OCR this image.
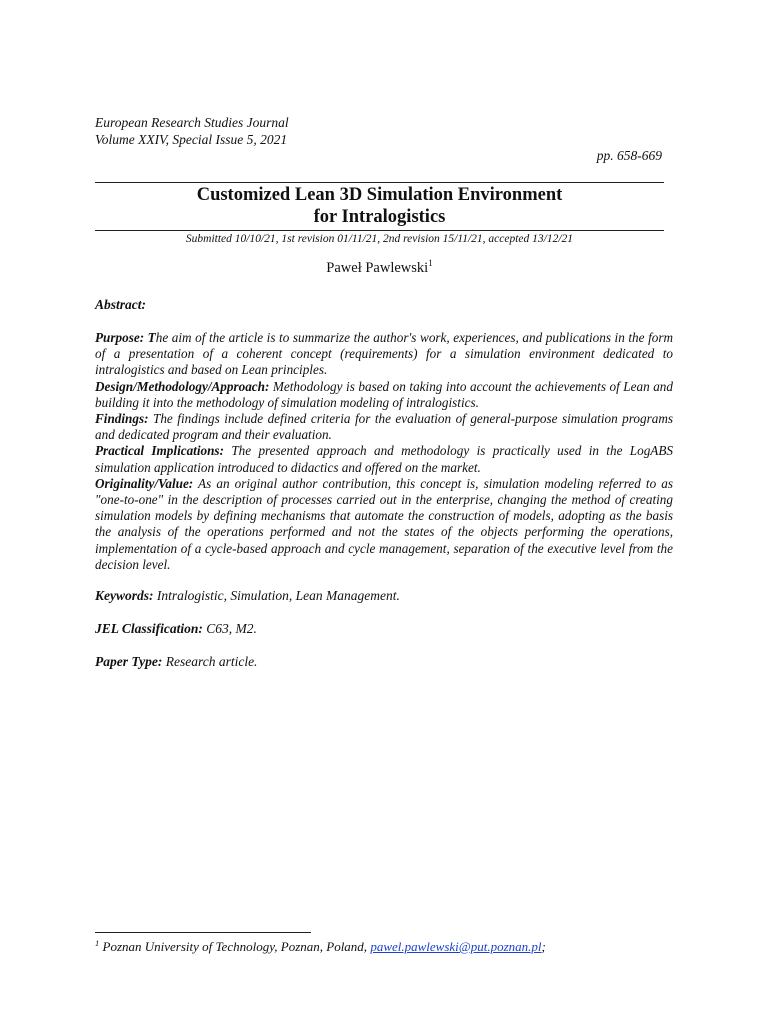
European Research Studies Journal
Volume XXIV, Special Issue 5, 2021
pp. 658-669
Customized Lean 3D Simulation Environment
for Intralogistics
Submitted 10/10/21, 1st revision 01/11/21, 2nd revision 15/11/21, accepted 13/12/21
Paweł Pawlewski$^1$
Abstract:

Purpose: The aim of the article is to summarize the author's work, experiences, and publications in the form of a presentation of a coherent concept (requirements) for a simulation environment dedicated to intralogistics and based on Lean principles.

Design/Methodology/Approach: Methodology is based on taking into account the achievements of Lean and building it into the methodology of simulation modeling of intralogistics.

Findings: The findings include defined criteria for the evaluation of general-purpose simulation programs and dedicated program and their evaluation.

Practical Implications: The presented approach and methodology is practically used in the LogABS simulation application introduced to didactics and offered on the market.

Originality/Value: As an original author contribution, this concept is, simulation modeling referred to as "one-to-one" in the description of processes carried out in the enterprise, changing the method of creating simulation models by defining mechanisms that automate the construction of models, adopting as the basis the analysis of the operations performed and not the states of the objects performing the operations, implementation of a cycle-based approach and cycle management, separation of the executive level from the decision level.

Keywords: Intralogistic, Simulation, Lean Management.
JEL Classification: C63, M2.
Paper Type: Research article.
$^1$ Poznan University of Technology, Poznan, Poland, pawel.pawlewski@put.poznan.pl;
